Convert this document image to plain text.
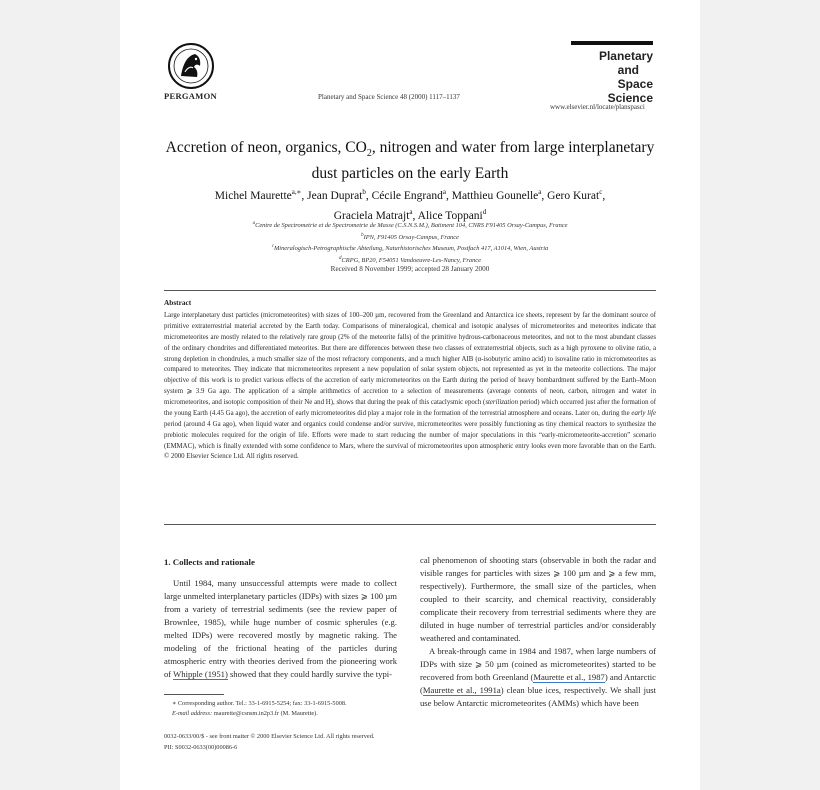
PERGAMON	Planetary and Space Science 48 (2000) 1117–1137
Planetary
and
Space Science
www.elsevier.nl/locate/planspasci
Accretion of neon, organics, $CO_2$, nitrogen and water from large interplanetary dust particles on the early Earth
Michel Maurette$^{a,∗}$, Jean Duprat$^b$, Cécile Engrand$^a$, Matthieu Gounelle$^a$, Gero Kurat$^c$,
Graciela Matrajt$^a$, Alice Toppani$^d$
$^a$Centre de Spectrometrie et de Spectrometrie de Masse (C.S.N.S.M.), Batiment 104, CNRS F91405 Orsay-Campus, France
$^b$IPN, F91405 Orsay-Campus, France
$^c$Mineralogisch-Petrographische Abteilung, Naturhistorisches Museum, Postfach 417, A1014, Wien, Austria
$^d$CRPG, BP20, F54051 Vandoeuvre-Les-Nancy, France
Received 8 November 1999; accepted 28 January 2000
Abstract
Large interplanetary dust particles (micrometeorites) with sizes of 100–200 µm, recovered from the Greenland and Antarctica ice sheets, represent by far the dominant source of primitive extraterrestrial material accreted by the Earth today. Comparisons of mineralogical, chemical and isotopic analyses of micrometeorites and meteorites indicate that micrometeorites are mostly related to the relatively rare group (2% of the meteorite falls) of the primitive hydrous-carbonaceous meteorites, and not to the most abundant classes of the ordinary chondrites and differentiated meteorites. But there are differences between these two classes of extraterrestrial objects, such as a high pyroxene to olivine ratio, a strong depletion in chondrules, a much smaller size of the most refractory components, and a much higher AIB (α-isobutyric amino acid) to isovaline ratio in micrometeorites as compared to meteorites. They indicate that micrometeorites represent a new population of solar system objects, not represented as yet in the meteorite collections. The major objective of this work is to predict various effects of the accretion of early micrometeorites on the Earth during the period of heavy bombardment suffered by the Earth–Moon system ⩾ 3.9 Ga ago. The application of a simple arithmetics of accretion to a selection of measurements (average contents of neon, carbon, nitrogen and water in micrometeorites, and isotopic composition of their Ne and H), shows that during the peak of this cataclysmic epoch (sterilization period) which occurred just after the formation of the young Earth (4.45 Ga ago), the accretion of early micrometeorites did play a major role in the formation of the terrestrial atmosphere and oceans. Later on, during the early life period (around 4 Ga ago), when liquid water and organics could condense and/or survive, micrometeorites were possibly functioning as tiny chemical reactors to synthesize the prebiotic molecules required for the origin of life. Efforts were made to start reducing the number of major speculations in this “early-micrometeorite-accretion” scenario (EMMAC), which is finally extended with some confidence to Mars, where the survival of micrometeorites upon atmospheric entry looks even more favorable than on the Earth. © 2000 Elsevier Science Ltd. All rights reserved.
1. Collects and rationale

Until 1984, many unsuccessful attempts were made to collect large unmelted interplanetary particles (IDPs) with sizes ⩾ 100 µm from a variety of terrestrial sediments (see the review paper of Brownlee, 1985), while huge number of cosmic spherules (e.g. melted IDPs) were recovered mostly by magnetic raking. The modeling of the frictional heating of the particles during atmospheric entry with theories derived from the pioneering work of Whipple (1951) showed that they could hardly survive the typi-

cal phenomenon of shooting stars (observable in both the radar and visible ranges for particles with sizes ⩾ 100 µm and ⩾ a few mm, respectively). Furthermore, the small size of the particles, when coupled to their scarcity, and chemical reactivity, considerably complicate their recovery from terrestrial sediments where they are diluted in huge number of terrestrial particles and/or considerably weathered and contaminated.

A break-through came in 1984 and 1987, when large numbers of IDPs with size ⩾ 50 µm (coined as micrometeorites) started to be recovered from both Greenland (Maurette et al., 1987) and Antarctic (Maurette et al., 1991a) clean blue ices, respectively. We shall just use below Antarctic micrometeorites (AMMs) which have been

∗ Corresponding author. Tel.: 33-1-6915-5254; fax: 33-1-6915-5008.
E-mail address: maurette@csnsm.in2p3.fr (M. Maurette).
0032-0633/00/$ - see front matter © 2000 Elsevier Science Ltd. All rights reserved.
PII: S0032-0633(00)00086-6
